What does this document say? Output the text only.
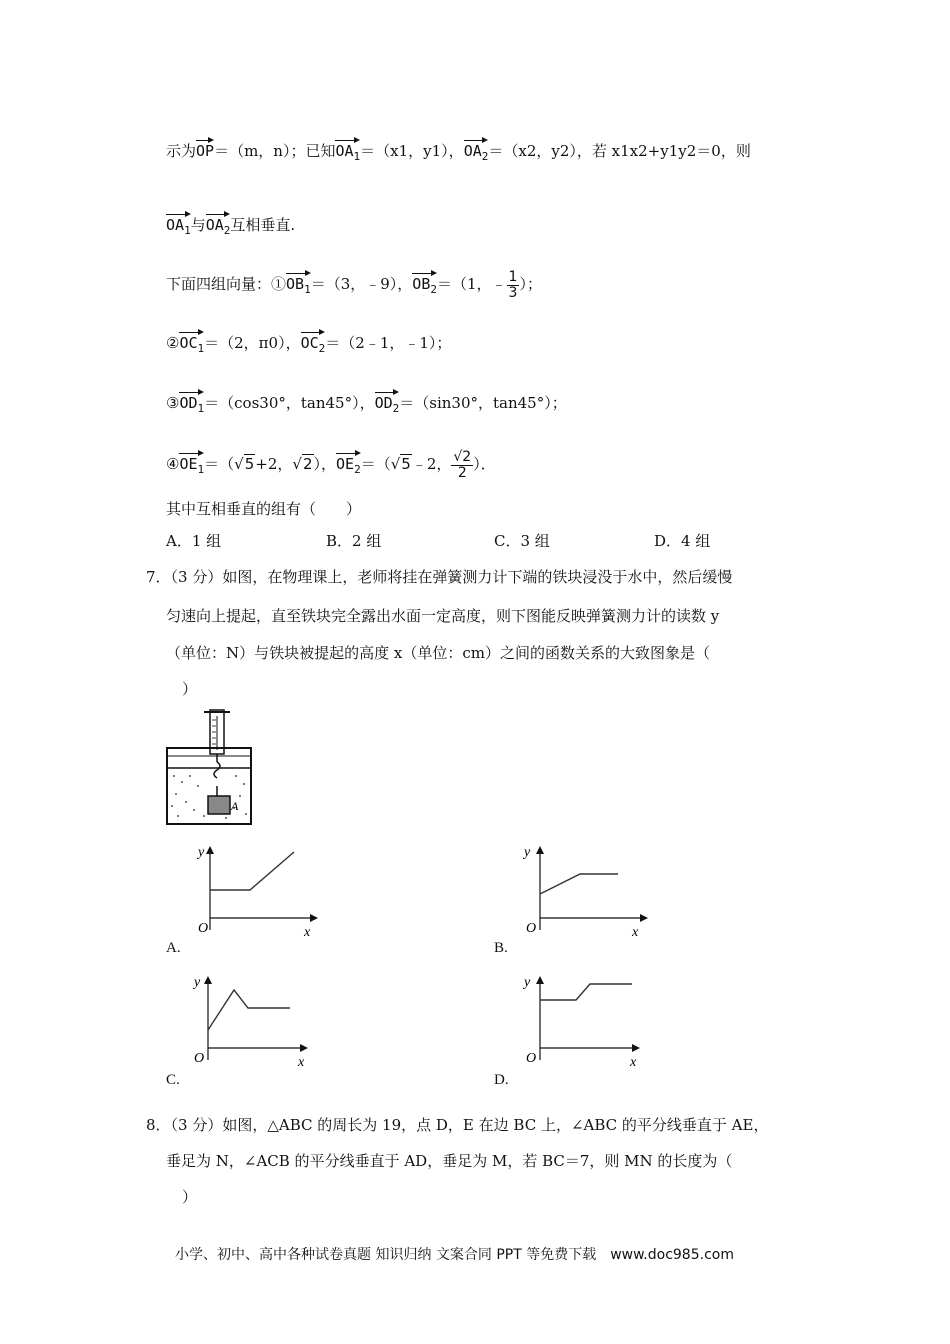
示为OP＝（m，n）；已知$OA_1=(x1$，y1），$OA_2=(x2$，y2），若 x1x2+y1y2＝0，则
$OA_1$与$OA_2$互相垂直.
下面四组向量：$①OB_1=(3$，﹣9），$OB_2=(1$，﹣ $\frac{1}{3}$ ）；
$②OC_1=(2$，π0），$OC_2=(2﹣1$，﹣1）；
$③OD_1=(\cos 30^\circ$，tan45°），$OD_2=(\sin 30^\circ$，tan45°）；
$④OE_1=(√5+2$，√2），$OE_2=(√5﹣2$， $\frac{√2}{2}$ ）．
其中互相垂直的组有（　　）
A．1 组	B．2 组	C．3 组	D．4 组
7．（3 分）如图，在物理课上，老师将挂在弹簧测力计下端的铁块浸没于水中，然后缓慢
匀速向上提起，直至铁块完全露出水面一定高度，则下图能反映弹簧测力计的读数 y
（单位：N）与铁块被提起的高度 x（单位：cm）之间的函数关系的大致图象是（
）
A
y
x
O
A.
y
x
O
B.
y
x
O
C.
y
x
O
D.
8．（3 分）如图，△ABC 的周长为 19，点 D，E 在边 BC 上，∠ABC 的平分线垂直于 AE，
垂足为 N，∠ACB 的平分线垂直于 AD，垂足为 M，若 BC＝7，则 MN 的长度为（
）
小学、初中、高中各种试卷真题 知识归纳 文案合同 PPT 等免费下载　www.doc985.com
